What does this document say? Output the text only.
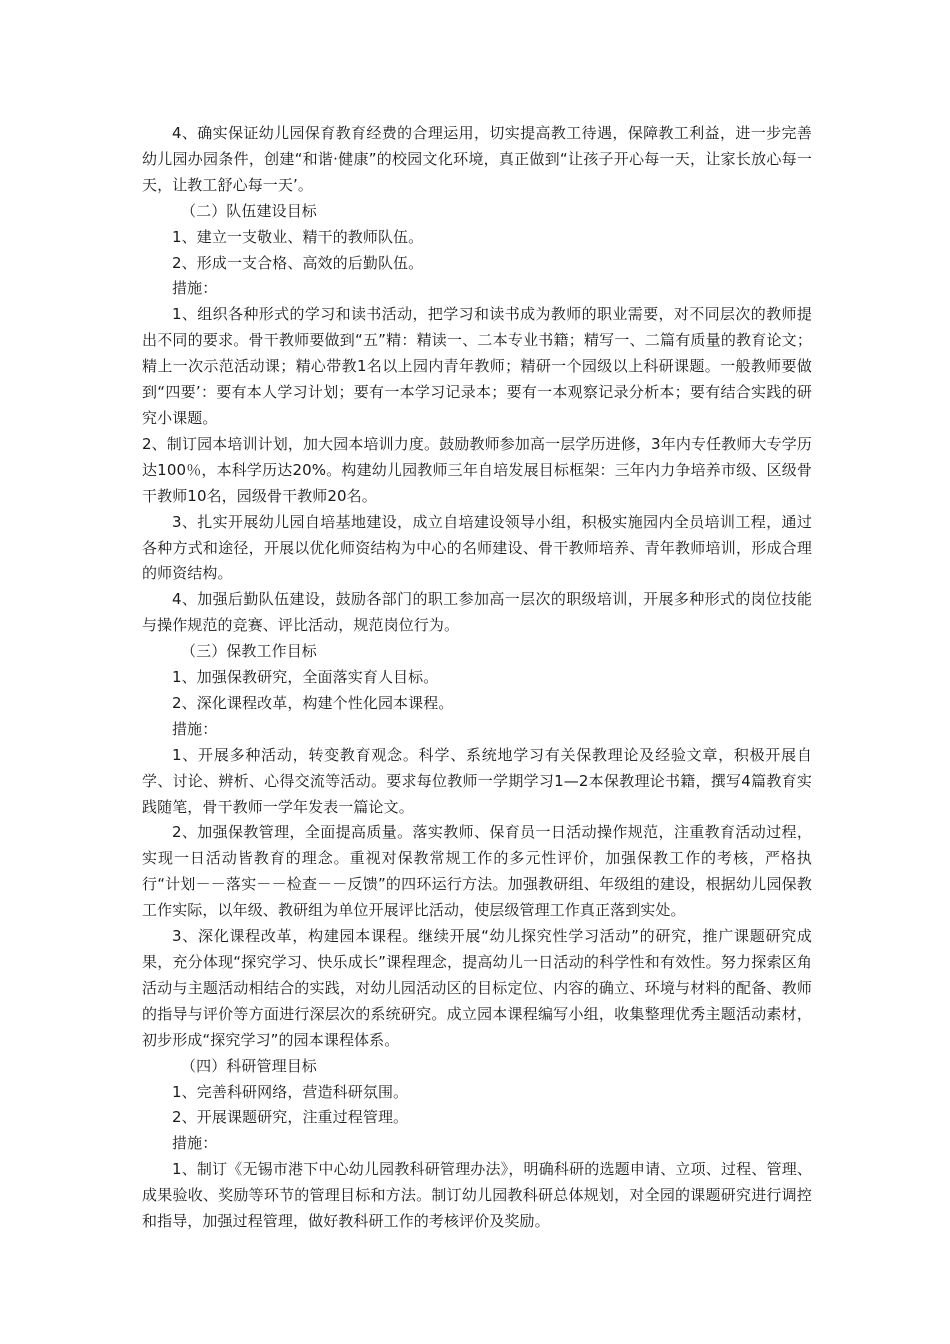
4、确实保证幼儿园保育教育经费的合理运用，切实提高教工待遇，保障教工利益，进一步完善幼儿园办园条件，创建“和谐·健康”的校园文化环境，真正做到“让孩子开心每一天，让家长放心每一天，让教工舒心每一天’。

（二）队伍建设目标

1、建立一支敬业、精干的教师队伍。

2、形成一支合格、高效的后勤队伍。

措施：

1、组织各种形式的学习和读书活动，把学习和读书成为教师的职业需要，对不同层次的教师提出不同的要求。骨干教师要做到“五”精：精读一、二本专业书籍；精写一、二篇有质量的教育论文；精上一次示范活动课；精心带教1名以上园内青年教师；精研一个园级以上科研课题。一般教师要做到“四要’：要有本人学习计划；要有一本学习记录本；要有一本观察记录分析本；要有结合实践的研究小课题。

2、制订园本培训计划，加大园本培训力度。鼓励教师参加高一层学历进修，3年内专任教师大专学历达100％，本科学历达20%。构建幼儿园教师三年自培发展目标框架：三年内力争培养市级、区级骨干教师10名，园级骨干教师20名。

3、扎实开展幼儿园自培基地建设，成立自培建设领导小组，积极实施园内全员培训工程，通过各种方式和途径，开展以优化师资结构为中心的名师建设、骨干教师培养、青年教师培训，形成合理的师资结构。

4、加强后勤队伍建设，鼓励各部门的职工参加高一层次的职级培训，开展多种形式的岗位技能与操作规范的竞赛、评比活动，规范岗位行为。

（三）保教工作目标

1、加强保教研究，全面落实育人目标。

2、深化课程改革，构建个性化园本课程。

措施：

1、开展多种活动，转变教育观念。科学、系统地学习有关保教理论及经验文章，积极开展自学、讨论、辨析、心得交流等活动。要求每位教师一学期学习1—2本保教理论书籍，撰写4篇教育实践随笔，骨干教师一学年发表一篇论文。

2、加强保教管理，全面提高质量。落实教师、保育员一日活动操作规范，注重教育活动过程，实现一日活动皆教育的理念。重视对保教常规工作的多元性评价，加强保教工作的考核，严格执行“计划－－落实－－检查－－反馈”的四环运行方法。加强教研组、年级组的建设，根据幼儿园保教工作实际，以年级、教研组为单位开展评比活动，使层级管理工作真正落到实处。

3、深化课程改革，构建园本课程。继续开展“幼儿探究性学习活动”的研究，推广课题研究成果，充分体现“探究学习、快乐成长”课程理念，提高幼儿一日活动的科学性和有效性。努力探索区角活动与主题活动相结合的实践，对幼儿园活动区的目标定位、内容的确立、环境与材料的配备、教师的指导与评价等方面进行深层次的系统研究。成立园本课程编写小组，收集整理优秀主题活动素材，初步形成“探究学习”的园本课程体系。

（四）科研管理目标

1、完善科研网络，营造科研氛围。

2、开展课题研究，注重过程管理。

措施：

1、制订《无锡市港下中心幼儿园教科研管理办法》，明确科研的选题申请、立项、过程、管理、成果验收、奖励等环节的管理目标和方法。制订幼儿园教科研总体规划，对全园的课题研究进行调控和指导，加强过程管理，做好教科研工作的考核评价及奖励。
